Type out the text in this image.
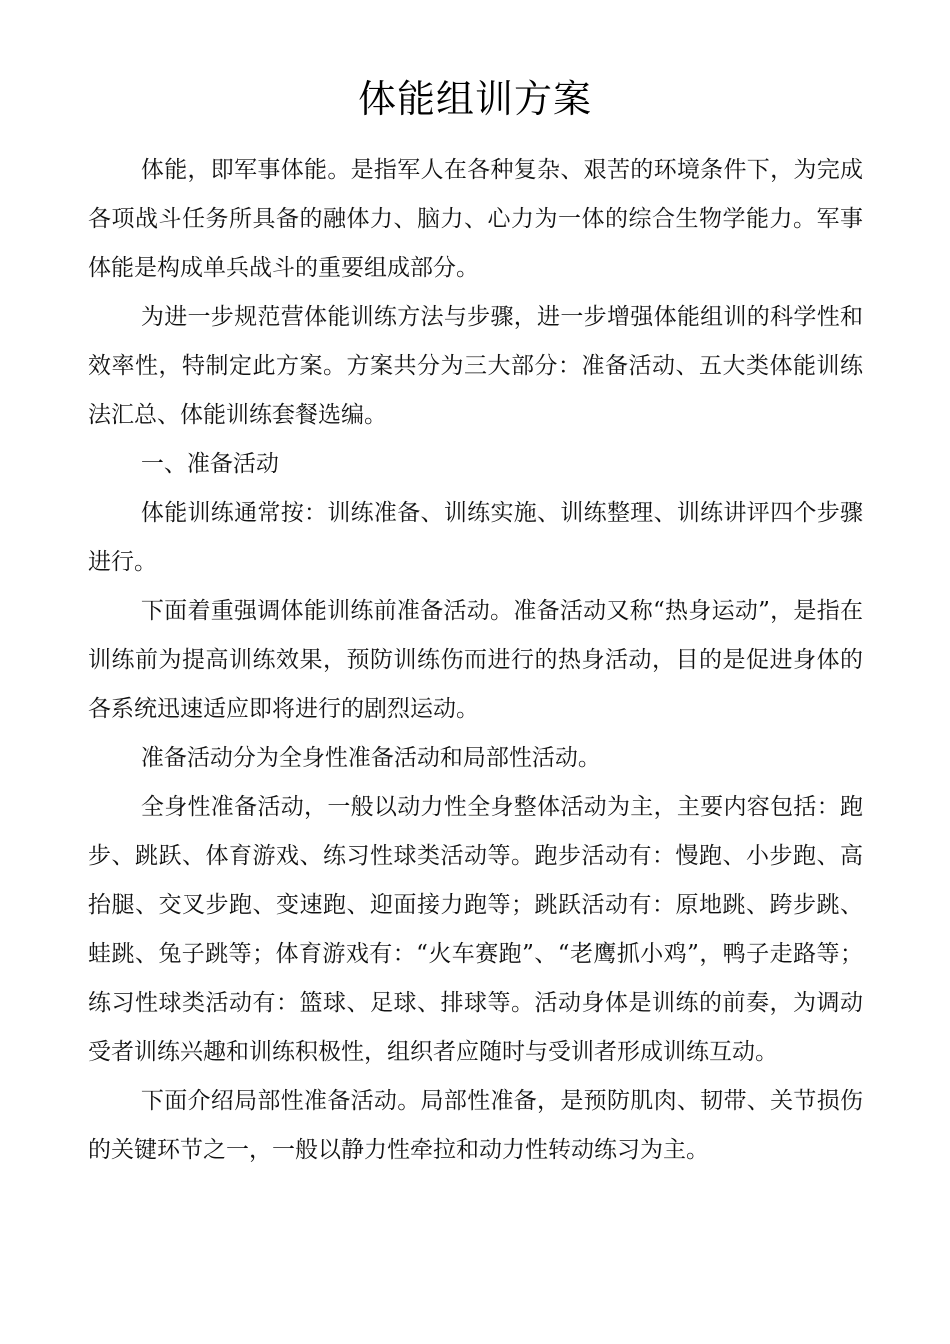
体能组训方案

体能，即军事体能。是指军人在各种复杂、艰苦的环境条件下，为完成各项战斗任务所具备的融体力、脑力、心力为一体的综合生物学能力。军事体能是构成单兵战斗的重要组成部分。

为进一步规范营体能训练方法与步骤，进一步增强体能组训的科学性和效率性，特制定此方案。方案共分为三大部分：准备活动、五大类体能训练法汇总、体能训练套餐选编。

一、准备活动

体能训练通常按：训练准备、训练实施、训练整理、训练讲评四个步骤进行。

下面着重强调体能训练前准备活动。准备活动又称“热身运动”，是指在训练前为提高训练效果，预防训练伤而进行的热身活动，目的是促进身体的各系统迅速适应即将进行的剧烈运动。

准备活动分为全身性准备活动和局部性活动。

全身性准备活动，一般以动力性全身整体活动为主，主要内容包括：跑步、跳跃、体育游戏、练习性球类活动等。跑步活动有：慢跑、小步跑、高抬腿、交叉步跑、变速跑、迎面接力跑等；跳跃活动有：原地跳、跨步跳、蛙跳、兔子跳等；体育游戏有：“火车赛跑”、“老鹰抓小鸡”，鸭子走路等；练习性球类活动有：篮球、足球、排球等。活动身体是训练的前奏，为调动受者训练兴趣和训练积极性，组织者应随时与受训者形成训练互动。

下面介绍局部性准备活动。局部性准备，是预防肌肉、韧带、关节损伤的关键环节之一，一般以静力性牵拉和动力性转动练习为主。
